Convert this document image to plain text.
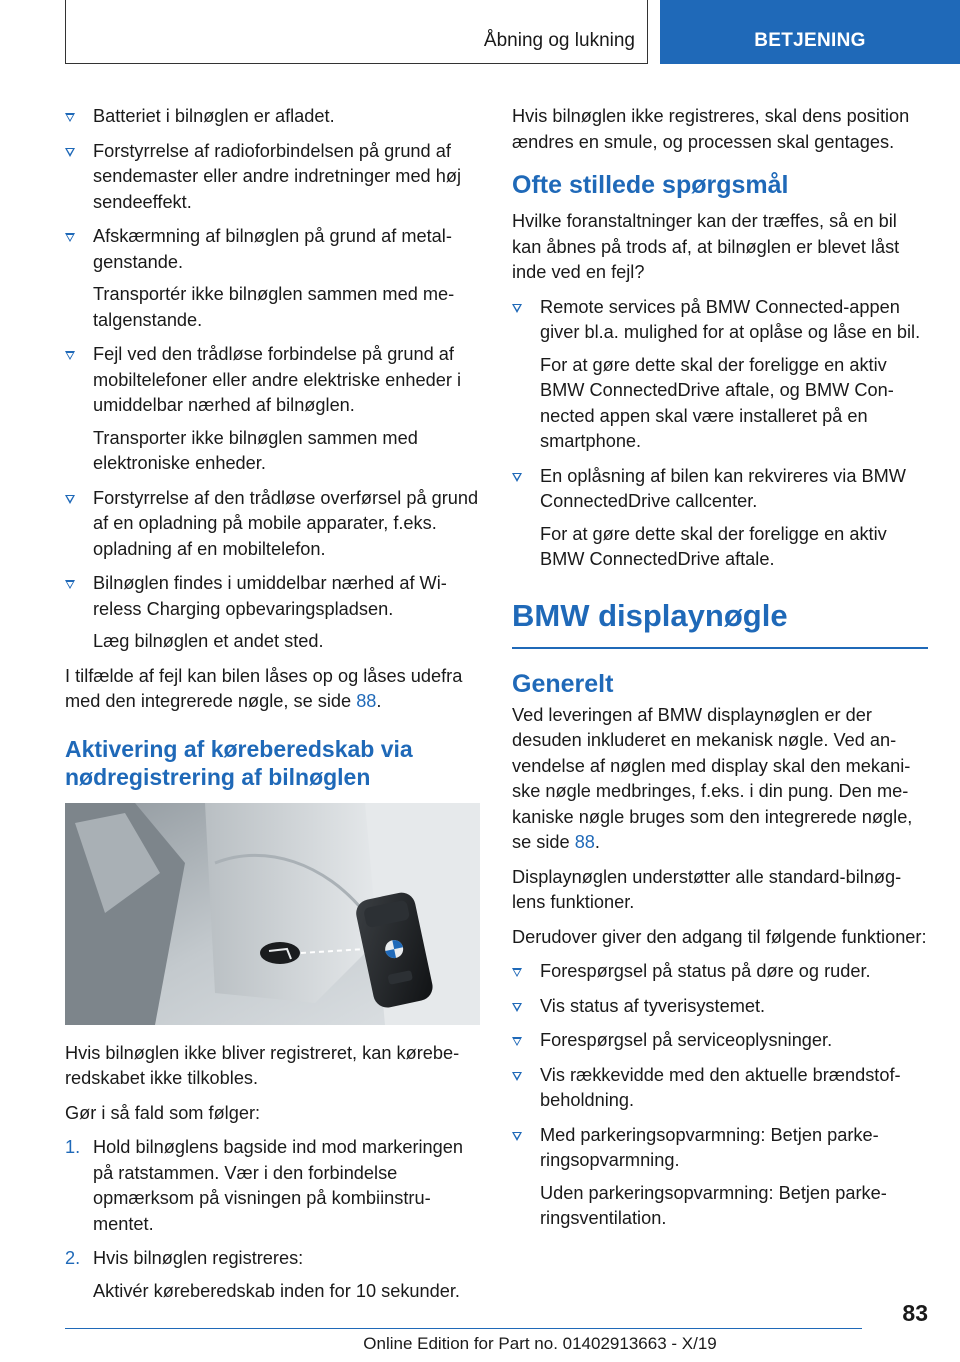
Åbning og lukning	BETJENING
Batteriet i bilnøglen er afladet.
Forstyrrelse af radioforbindelsen på grund af sendemaster eller andre indretninger med høj sendeeffekt.
Afskærmning af bilnøglen på grund af metalgenstande.
Transportér ikke bilnøglen sammen med metalgenstande.
Fejl ved den trådløse forbindelse på grund af mobiltelefoner eller andre elektriske enheder i umiddelbar nærhed af bilnøglen.
Transporter ikke bilnøglen sammen med elektroniske enheder.
Forstyrrelse af den trådløse overførsel på grund af en opladning på mobile apparater, f.eks. opladning af en mobiltelefon.
Bilnøglen findes i umiddelbar nærhed af Wireless Charging opbevaringspladsen.
Læg bilnøglen et andet sted.

I tilfælde af fejl kan bilen låses op og låses udefra med den integrerede nøgle, se side 88.

Aktivering af køreberedskab via nødregistrering af bilnøglen

Hvis bilnøglen ikke bliver registreret, kan køreberedskabet ikke tilkobles.

Gør i så fald som følger:

1. Hold bilnøglens bagside ind mod markeringen på ratstammen. Vær i den forbindelse opmærksom på visningen på kombiinstrumentet.
2. Hvis bilnøglen registreres:
Aktivér køreberedskab inden for 10 sekunder.

Hvis bilnøglen ikke registreres, skal dens position ændres en smule, og processen skal gentages.

Ofte stillede spørgsmål

Hvilke foranstaltninger kan der træffes, så en bil kan åbnes på trods af, at bilnøglen er blevet låst inde ved en fejl?

Remote services på BMW Connected-appen giver bl.a. mulighed for at oplåse og låse en bil.
For at gøre dette skal der foreligge en aktiv BMW ConnectedDrive aftale, og BMW Connected appen skal være installeret på en smartphone.
En oplåsning af bilen kan rekvireres via BMW ConnectedDrive callcenter.
For at gøre dette skal der foreligge en aktiv BMW ConnectedDrive aftale.
BMW displaynøgle
Generelt

Ved leveringen af BMW displaynøglen er der desuden inkluderet en mekanisk nøgle. Ved anvendelse af nøglen med display skal den mekaniske nøgle medbringes, f.eks. i din pung. Den mekaniske nøgle bruges som den integrerede nøgle, se side 88.

Displaynøglen understøtter alle standard-bilnøglens funktioner.

Derudover giver den adgang til følgende funktioner:

Forespørgsel på status på døre og ruder.
Vis status af tyverisystemet.
Forespørgsel på serviceoplysninger.
Vis rækkevidde med den aktuelle brændstofbeholdning.
Med parkeringsopvarmning: Betjen parkeringsopvarmning.
Uden parkeringsopvarmning: Betjen parkeringsventilation.
83
Online Edition for Part no. 01402913663 - X/19
